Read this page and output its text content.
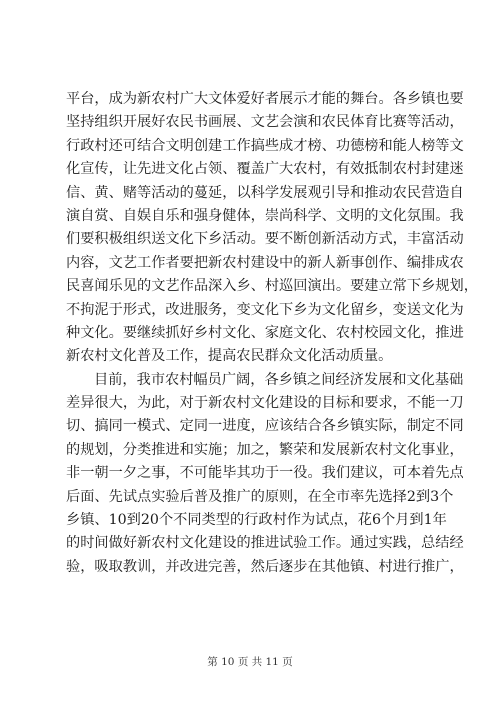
平 台 ， 成 为 新 农 村 广 大 文 体 爱 好 者 展 示 才 能 的 舞 台 。 各 乡 镇 也 要
坚 持 组 织 开 展 好 农 民 书 画 展 、 文 艺 会 演 和 农 民 体 育 比 赛 等 活 动 ，
行 政 村 还 可 结 合 文 明 创 建 工 作 搞 些 成 才 榜 、 功 德 榜 和 能 人 榜 等 文
化 宣 传 ， 让 先 进 文 化 占 领 、 覆 盖 广 大 农 村 ， 有 效 抵 制 农 村 封 建 迷
信 、 黄 、 赌 等 活 动 的 蔓 延 ， 以 科 学 发 展 观 引 导 和 推 动 农 民 营 造 自
演 自 赏 、 自 娱 自 乐 和 强 身 健 体 ， 崇 尚 科 学 、 文 明 的 文 化 氛 围 。 我
们 要 积 极 组 织 送 文 化 下 乡 活 动 。 要 不 断 创 新 活 动 方 式 ， 丰 富 活 动
内 容 ， 文 艺 工 作 者 要 把 新 农 村 建 设 中 的 新 人 新 事 创 作 、 编 排 成 农
民 喜 闻 乐 见 的 文 艺 作 品 深 入 乡 、 村 巡 回 演 出 。 要 建 立 常 下 乡 规 划 ，
不 拘 泥 于 形 式 ， 改 进 服 务 ， 变 文 化 下 乡 为 文 化 留 乡 ， 变 送 文 化 为
种 文 化 。 要 继 续 抓 好 乡 村 文 化 、 家 庭 文 化 、 农 村 校 园 文 化 ， 推 进
新农村文化普及工作，提高农民群众文化活动质量。
目 前 ， 我 市 农 村 幅 员 广 阔 ， 各 乡 镇 之 间 经 济 发 展 和 文 化 基 础
差 异 很 大 ， 为 此 ， 对 于 新 农 村 文 化 建 设 的 目 标 和 要 求 ， 不 能 一 刀
切 、 搞 同 一 模 式 、 定 同 一 进 度 ， 应 该 结 合 各 乡 镇 实 际 ， 制 定 不 同
的 规 划 ， 分 类 推 进 和 实 施 ； 加 之 ， 繁 荣 和 发 展 新 农 村 文 化 事 业 ，
非 一 朝 一 夕 之 事 ， 不 可 能 毕 其 功 于 一 役 。 我 们 建 议 ， 可 本 着 先 点
后 面 、 先 试 点 实 验 后 普 及 推 广 的 原 则 ， 在 全 市 率 先 选 择 2 到 3 个
乡 镇 、 10 到 20 个 不 同 类 型 的 行 政 村 作 为 试 点 ， 花 6 个 月 到 1 年
的 时 间 做 好 新 农 村 文 化 建 设 的 推 进 试 验 工 作 。 通 过 实 践 ， 总 结 经
验 ， 吸 取 教 训 ， 并 改 进 完 善 ， 然 后 逐 步 在 其 他 镇 、 村 进 行 推 广 ，
第 10 页 共 11 页
